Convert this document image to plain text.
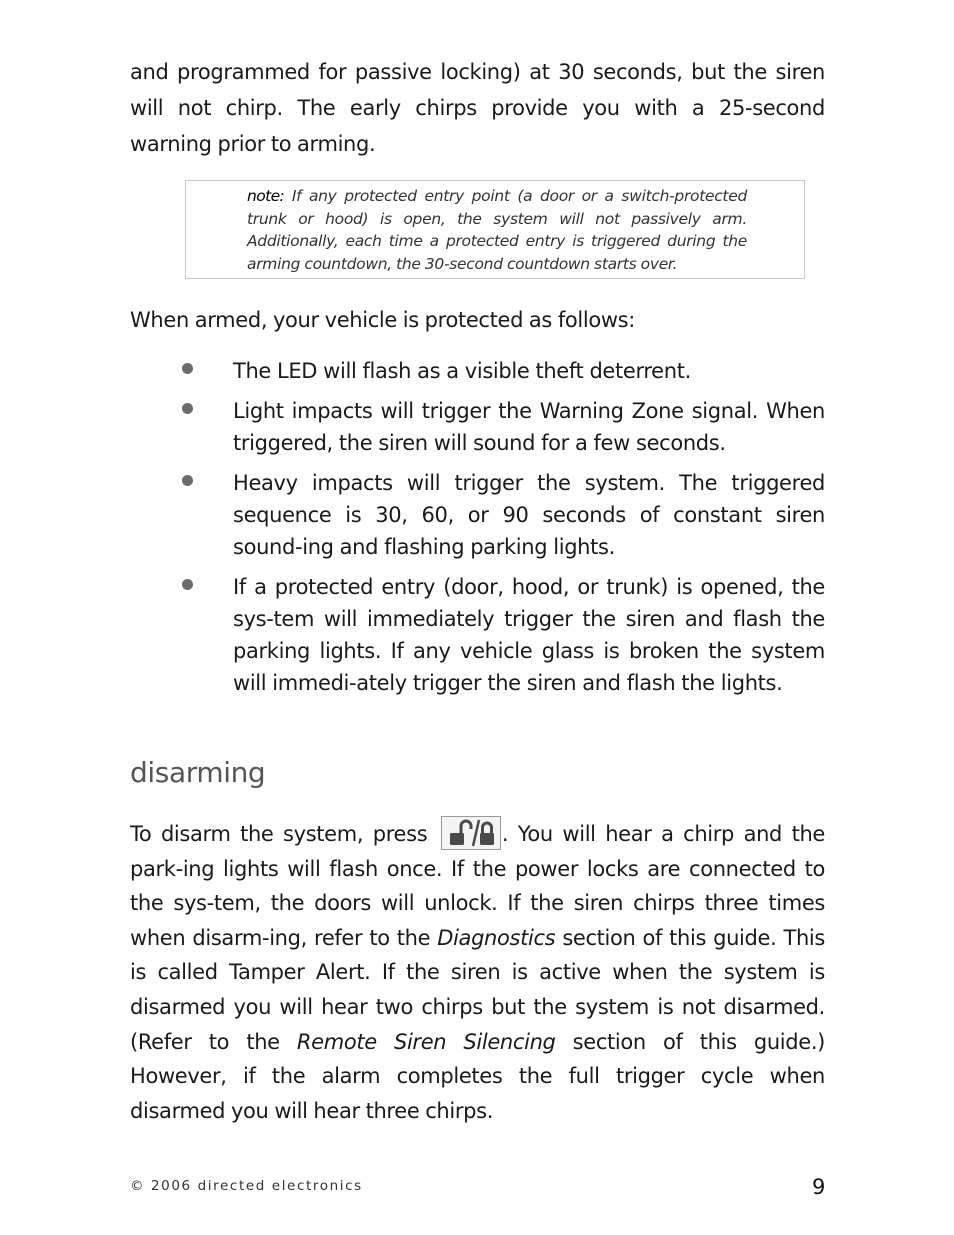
and programmed for passive locking) at 30 seconds, but the siren will not chirp. The early chirps provide you with a 25-second warning prior to arming.

note: If any protected entry point (a door or a switch-protected trunk or hood) is open, the system will not passively arm. Additionally, each time a protected entry is triggered during the arming countdown, the 30-second countdown starts over.

When armed, your vehicle is protected as follows:

The LED will flash as a visible theft deterrent.
Light impacts will trigger the Warning Zone signal. When triggered, the siren will sound for a few seconds.
Heavy impacts will trigger the system. The triggered sequence is 30, 60, or 90 seconds of constant siren sound-ing and flashing parking lights.
If a protected entry (door, hood, or trunk) is opened, the sys-tem will immediately trigger the siren and flash the parking lights. If any vehicle glass is broken the system will immedi-ately trigger the siren and flash the lights.
disarming

To disarm the system, press	. You will hear a chirp and the park-ing lights will flash once. If the power locks are connected to the sys-tem, the doors will unlock. If the siren chirps three times when disarm-ing, refer to the Diagnostics section of this guide. This is called Tamper Alert. If the siren is active when the system is disarmed you will hear two chirps but the system is not disarmed. (Refer to the Remote Siren Silencing section of this guide.) However, if the alarm completes the full trigger cycle when disarmed you will hear three chirps.

© 2006 directed electronics	9
